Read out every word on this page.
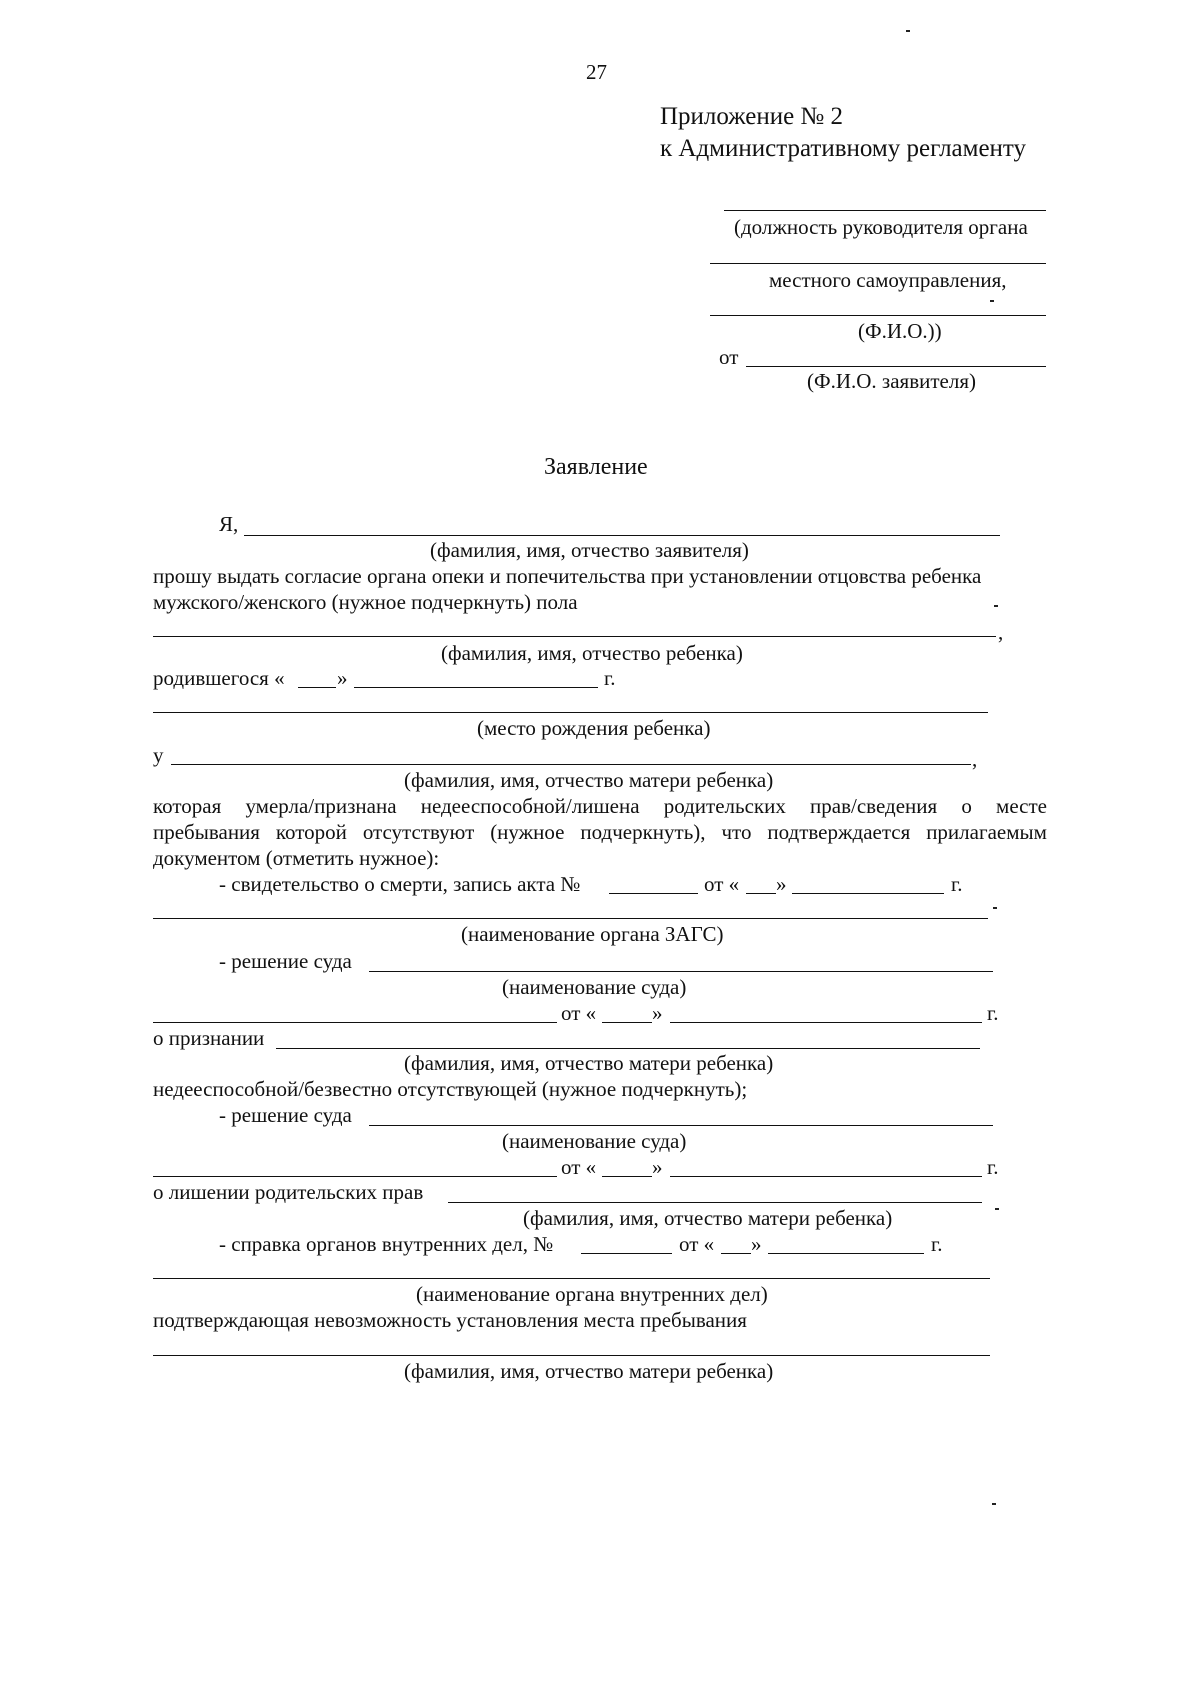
27
Приложение № 2
к Административному регламенту
(должность руководителя органа
местного самоуправления,
(Ф.И.О.))
от
(Ф.И.О. заявителя)
Заявление
Я,
(фамилия, имя, отчество заявителя)
прошу выдать согласие органа опеки и попечительства при установлении отцовства ребенка
мужского/женского (нужное подчеркнуть) пола
,
(фамилия, имя, отчество ребенка)
родившегося « »	г.
(место рождения ребенка)
у	,
(фамилия, имя, отчество матери ребенка)
которая умерла/признана недееспособной/лишена родительских прав/сведения о месте
пребывания которой отсутствуют (нужное подчеркнуть), что подтверждается прилагаемым
документом (отметить нужное):
- свидетельство о смерти, запись акта №	от « »	г.
(наименование органа ЗАГС)
- решение суда
(наименование суда)
от «	»	г.
о признании
(фамилия, имя, отчество матери ребенка)
недееспособной/безвестно отсутствующей (нужное подчеркнуть);
- решение суда
(наименование суда)
от «	»	г.
о лишении родительских прав
(фамилия, имя, отчество матери ребенка)
- справка органов внутренних дел, №	от « »	г.
(наименование органа внутренних дел)
подтверждающая невозможность установления места пребывания
(фамилия, имя, отчество матери ребенка)
